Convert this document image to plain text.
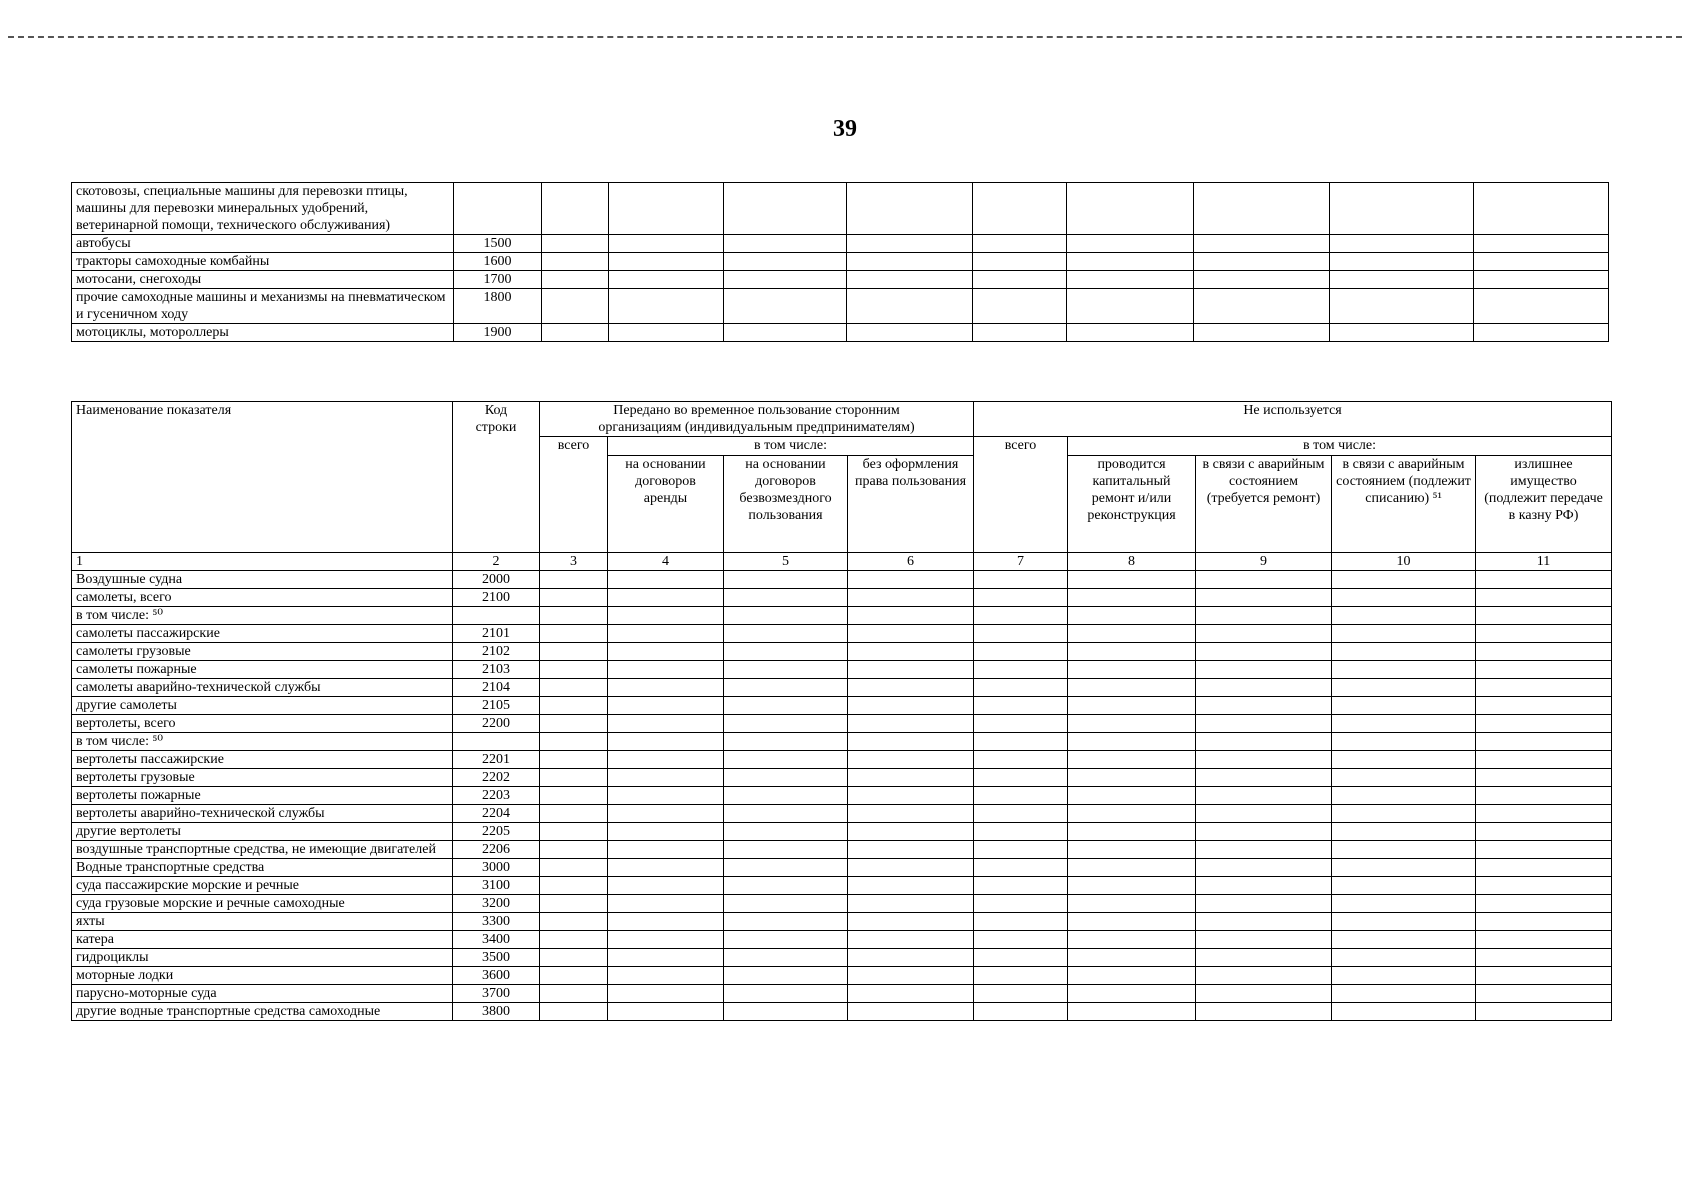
39
скотовозы, специальные машины для перевозки птицы, машины для перевозки минеральных удобрений, ветеринарной помощи, технического обслуживания)										
автобусы	1500									
тракторы самоходные комбайны	1600									
мотосани, снегоходы	1700									
прочие самоходные машины и механизмы на пневматическом и гусеничном ходу	1800									
мотоциклы, мотороллеры	1900									
Наименование показателя	Код строки	Передано во временное пользование сторонним организациям (индивидуальным предпринимателям)				Не используется				
		всего	в том числе:			всего	в том числе:			
			на основании договоров аренды	на основании договоров безвозмездного пользования	без оформления права пользования		проводится капитальный ремонт и/или реконструкция	в связи с аварийным состоянием (требуется ремонт)	в связи с аварийным состоянием (подлежит списанию) ⁵¹	излишнее имущество (подлежит передаче в казну РФ)
1	2	3	4	5	6	7	8	9	10	11
Воздушные судна	2000									
самолеты, всего	2100									
в том числе: ⁵⁰										
самолеты пассажирские	2101									
самолеты грузовые	2102									
самолеты пожарные	2103									
самолеты аварийно-технической службы	2104									
другие самолеты	2105									
вертолеты, всего	2200									
в том числе: ⁵⁰										
вертолеты пассажирские	2201									
вертолеты грузовые	2202									
вертолеты пожарные	2203									
вертолеты аварийно-технической службы	2204									
другие вертолеты	2205									
воздушные транспортные средства, не имеющие двигателей	2206									
Водные транспортные средства	3000									
суда пассажирские морские и речные	3100									
суда грузовые морские и речные самоходные	3200									
яхты	3300									
катера	3400									
гидроциклы	3500									
моторные лодки	3600									
парусно-моторные суда	3700									
другие водные транспортные средства самоходные	3800									
